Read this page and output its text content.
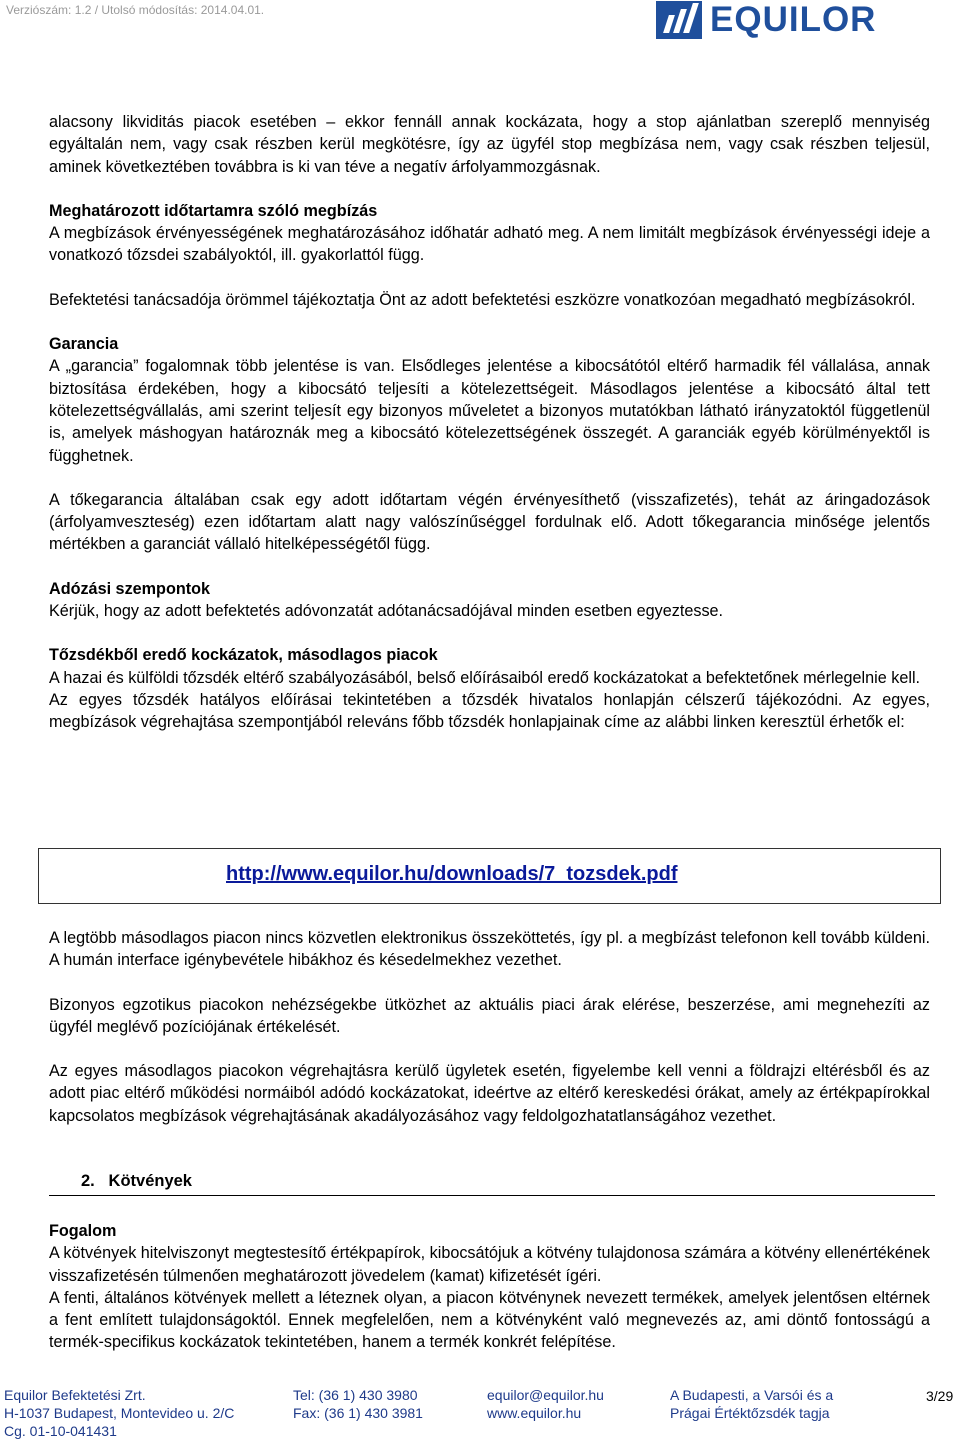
Verziószám: 1.2 / Utolsó módosítás: 2014.04.01.	EQUILOR

alacsony likviditás piacok esetében – ekkor fennáll annak kockázata, hogy a stop ajánlatban szereplő mennyiség egyáltalán nem, vagy csak részben kerül megkötésre, így az ügyfél stop megbízása nem, vagy csak részben teljesül, aminek következtében továbbra is ki van téve a negatív árfolyammozgásnak.

Meghatározott időtartamra szóló megbízás

A megbízások érvényességének meghatározásához időhatár adható meg. A nem limitált megbízások érvényességi ideje a vonatkozó tőzsdei szabályoktól, ill. gyakorlattól függ.

Befektetési tanácsadója örömmel tájékoztatja Önt az adott befektetési eszközre vonatkozóan megadható megbízásokról.

Garancia

A „garancia” fogalomnak több jelentése is van. Elsődleges jelentése a kibocsátótól eltérő harmadik fél vállalása, annak biztosítása érdekében, hogy a kibocsátó teljesíti a kötelezettségeit. Másodlagos jelentése a kibocsátó által tett kötelezettségvállalás, ami szerint teljesít egy bizonyos műveletet a bizonyos mutatókban látható irányzatoktól függetlenül is, amelyek máshogyan határoznák meg a kibocsátó kötelezettségének összegét. A garanciák egyéb körülményektől is függhetnek.

A tőkegarancia általában csak egy adott időtartam végén érvényesíthető (visszafizetés), tehát az áringadozások (árfolyamveszteség) ezen időtartam alatt nagy valószínűséggel fordulnak elő. Adott tőkegarancia minősége jelentős mértékben a garanciát vállaló hitelképességétől függ.

Adózási szempontok

Kérjük, hogy az adott befektetés adóvonzatát adótanácsadójával minden esetben egyeztesse.

Tőzsdékből eredő kockázatok, másodlagos piacok

A hazai és külföldi tőzsdék eltérő szabályozásából, belső előírásaiból eredő kockázatokat a befektetőnek mérlegelnie kell.

Az egyes tőzsdék hatályos előírásai tekintetében a tőzsdék hivatalos honlapján célszerű tájékozódni. Az egyes, megbízások végrehajtása szempontjából releváns főbb tőzsdék honlapjainak címe az alábbi linken keresztül érhetők el:

http://www.equilor.hu/downloads/7_tozsdek.pdf

A legtöbb másodlagos piacon nincs közvetlen elektronikus összeköttetés, így pl. a megbízást telefonon kell tovább küldeni. A humán interface igénybevétele hibákhoz és késedelmekhez vezethet.

Bizonyos egzotikus piacokon nehézségekbe ütközhet az aktuális piaci árak elérése, beszerzése, ami megnehezíti az ügyfél meglévő pozíciójának értékelését.

Az egyes másodlagos piacokon végrehajtásra kerülő ügyletek esetén, figyelembe kell venni a földrajzi eltérésből és az adott piac eltérő működési normáiból adódó kockázatokat, ideértve az eltérő kereskedési órákat, amely az értékpapírokkal kapcsolatos megbízások végrehajtásának akadályozásához vagy feldolgozhatatlanságához vezethet.

2. Kötvények

Fogalom

A kötvények hitelviszonyt megtestesítő értékpapírok, kibocsátójuk a kötvény tulajdonosa számára a kötvény ellenértékének visszafizetésén túlmenően meghatározott jövedelem (kamat) kifizetését ígéri.

A fenti, általános kötvények mellett a léteznek olyan, a piacon kötvénynek nevezett termékek, amelyek jelentősen eltérnek a fent említett tulajdonságoktól. Ennek megfelelően, nem a kötvényként való megnevezés az, ami döntő fontosságú a termék-specifikus kockázatok tekintetében, hanem a termék konkrét felépítése.

Equilor Befektetési Zrt.
H-1037 Budapest, Montevideo u. 2/C
Cg. 01-10-041431
Tel: (36 1) 430 3980
Fax: (36 1) 430 3981
equilor@equilor.hu
www.equilor.hu
A Budapesti, a Varsói és a
Prágai Értéktőzsdék tagja
3/29
